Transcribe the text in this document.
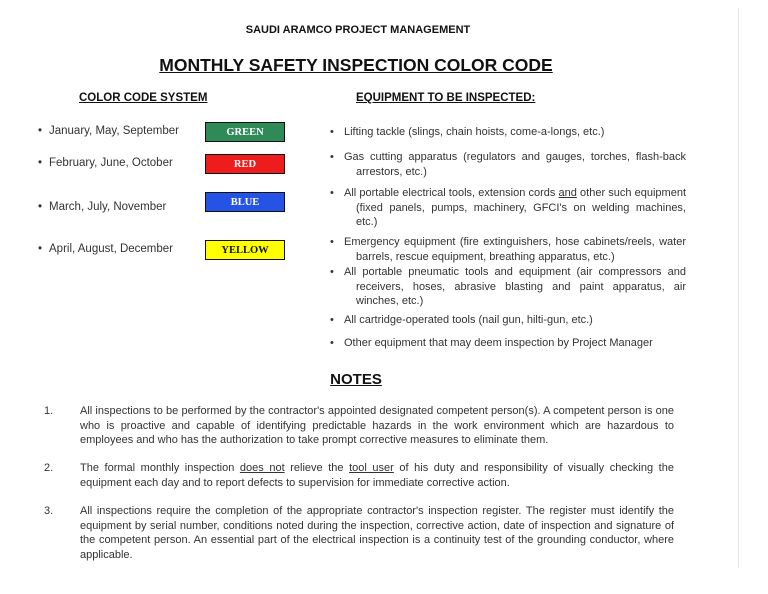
SAUDI ARAMCO PROJECT MANAGEMENT
MONTHLY SAFETY INSPECTION COLOR CODE
COLOR CODE SYSTEM
• January, May, September	GREEN
• February, June, October	RED
• March, July, November	BLUE
• April, August, December	YELLOW
EQUIPMENT TO BE INSPECTED:
• Lifting tackle (slings, chain hoists, come-a-longs, etc.)
• Gas cutting apparatus (regulators and gauges, torches, flash-back arrestors, etc.)
• All portable electrical tools, extension cords and other such equipment (fixed panels, pumps, machinery, GFCI's on welding machines, etc.)
• Emergency equipment (fire extinguishers, hose cabinets/reels, water barrels, rescue equipment, breathing apparatus, etc.)
• All portable pneumatic tools and equipment (air compressors and receivers, hoses, abrasive blasting and paint apparatus, air winches, etc.)
• All cartridge-operated tools (nail gun, hilti-gun, etc.)
• Other equipment that may deem inspection by Project Manager
NOTES
1. All inspections to be performed by the contractor's appointed designated competent person(s). A competent person is one who is proactive and capable of identifying predictable hazards in the work environment which are hazardous to employees and who has the authorization to take prompt corrective measures to eliminate them.
2. The formal monthly inspection does not relieve the tool user of his duty and responsibility of visually checking the equipment each day and to report defects to supervision for immediate corrective action.
3. All inspections require the completion of the appropriate contractor's inspection register. The register must identify the equipment by serial number, conditions noted during the inspection, corrective action, date of inspection and signature of the competent person. An essential part of the electrical inspection is a continuity test of the grounding conductor, where applicable.
